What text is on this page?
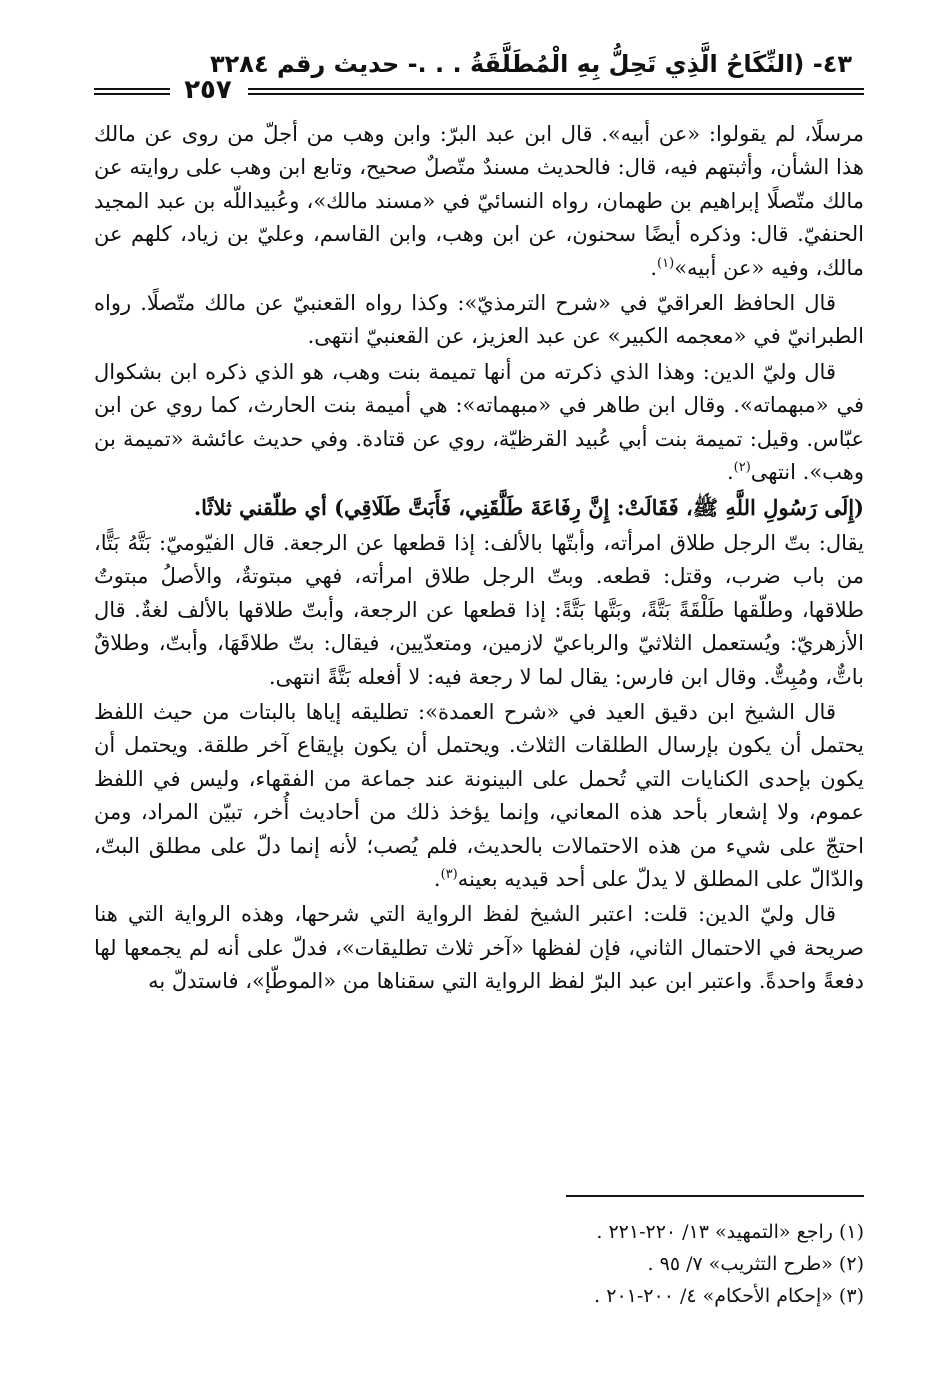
٤٣- (النِّكَاحُ الَّذِي تَحِلُّ بِهِ الْمُطَلَّقَةُ . . .- حديث رقم ٣٢٨٤
٢٥٧

مرسلًا، لم يقولوا: «عن أبيه». قال ابن عبد البرّ: وابن وهب من أجلّ من روى عن مالك هذا الشأن، وأثبتهم فيه، قال: فالحديث مسندٌ متّصلٌ صحيح، وتابع ابن وهب على روايته عن مالك متّصلًا إبراهيم بن طهمان، رواه النسائيّ في «مسند مالك»، وعُبيداللّه بن عبد المجيد الحنفيّ. قال: وذكره أيضًا سحنون، عن ابن وهب، وابن القاسم، وعليّ بن زياد، كلهم عن مالك، وفيه «عن أبيه»$^{(١)}$.

قال الحافظ العراقيّ في «شرح الترمذيّ»: وكذا رواه القعنبيّ عن مالك متّصلًا. رواه الطبرانيّ في «معجمه الكبير» عن عبد العزيز، عن القعنبيّ انتهى.

قال وليّ الدين: وهذا الذي ذكرته من أنها تميمة بنت وهب، هو الذي ذكره ابن بشكوال في «مبهماته». وقال ابن طاهر في «مبهماته»: هي أميمة بنت الحارث، كما روي عن ابن عبّاس. وقيل: تميمة بنت أبي عُبيد القرظيّة، روي عن قتادة. وفي حديث عائشة «تميمة بن وهب». انتهى$^{(٢)}$.

(إِلَى رَسُولِ اللَّهِ ﷺ، فَقَالَتْ: إِنَّ رِفَاعَةَ طَلَّقَنِي، فَأَبَتَّ طَلَاقِي) أي طلّقني ثلاثًا.

يقال: بتّ الرجل طلاق امرأته، وأبتّها بالألف: إذا قطعها عن الرجعة. قال الفيّوميّ: بَتَّهُ بَتًّا، من باب ضرب، وقتل: قطعه. وبتّ الرجل طلاق امرأته، فهي مبتوتةٌ، والأصلُ مبتوتٌ طلاقها، وطلّقها طَلْقَةً بَتَّةً، وبَتَّها بَتَّةً: إذا قطعها عن الرجعة، وأبتّ طلاقها بالألف لغةٌ. قال الأزهريّ: ويُستعمل الثلاثيّ والرباعيّ لازمين، ومتعدّيين، فيقال: بتّ طلاقَهَا، وأبتّ، وطلاقٌ باتٌّ، ومُبِتٌّ. وقال ابن فارس: يقال لما لا رجعة فيه: لا أفعله بَتَّةً انتهى.

قال الشيخ ابن دقيق العيد في «شرح العمدة»: تطليقه إياها بالبتات من حيث اللفظ يحتمل أن يكون بإرسال الطلقات الثلاث. ويحتمل أن يكون بإيقاع آخر طلقة. ويحتمل أن يكون بإحدى الكنايات التي تُحمل على البينونة عند جماعة من الفقهاء، وليس في اللفظ عموم، ولا إشعار بأحد هذه المعاني، وإنما يؤخذ ذلك من أحاديث أُخر، تبيّن المراد، ومن احتجّ على شيء من هذه الاحتمالات بالحديث، فلم يُصب؛ لأنه إنما دلّ على مطلق البتّ، والدّالّ على المطلق لا يدلّ على أحد قيديه بعينه$^{(٣)}$.

قال وليّ الدين: قلت: اعتبر الشيخ لفظ الرواية التي شرحها، وهذه الرواية التي هنا صريحة في الاحتمال الثاني، فإن لفظها «آخر ثلاث تطليقات»، فدلّ على أنه لم يجمعها لها دفعةً واحدةً. واعتبر ابن عبد البرّ لفظ الرواية التي سقناها من «الموطّإ»، فاستدلّ به

(١) راجع «التمهيد» ١٣/ ٢٢٠-٢٢١ .

(٢) «طرح التثريب» ٧/ ٩٥ .

(٣) «إحكام الأحكام» ٤/ ٢٠٠-٢٠١ .
